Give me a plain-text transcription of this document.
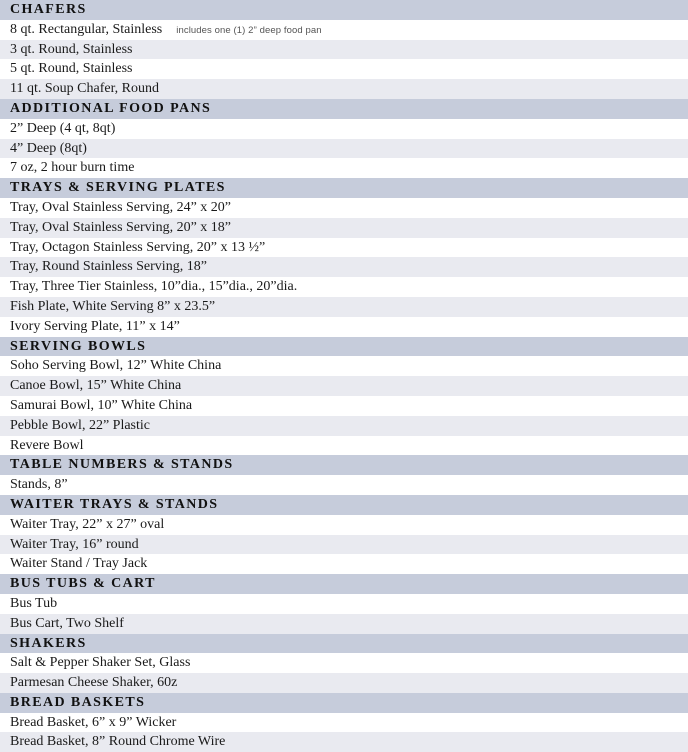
CHAFERS
8 qt. Rectangular, Stainless includes one (1) 2” deep food pan
3 qt. Round, Stainless
5 qt. Round, Stainless
11 qt. Soup Chafer, Round
ADDITIONAL FOOD PANS
2” Deep (4 qt, 8qt)
4” Deep (8qt)
7 oz, 2 hour burn time
TRAYS & SERVING PLATES
Tray, Oval Stainless Serving, 24” x 20”
Tray, Oval Stainless Serving, 20” x 18”
Tray, Octagon Stainless Serving, 20” x 13 ½”
Tray, Round Stainless Serving, 18”
Tray, Three Tier Stainless, 10”dia., 15”dia., 20”dia.
Fish Plate, White Serving 8” x 23.5”
Ivory Serving Plate, 11” x 14”
SERVING BOWLS
Soho Serving Bowl, 12” White China
Canoe Bowl, 15” White China
Samurai Bowl, 10” White China
Pebble Bowl, 22” Plastic
Revere Bowl
TABLE NUMBERS & STANDS
Stands, 8”
WAITER TRAYS & STANDS
Waiter Tray, 22” x 27” oval
Waiter Tray, 16” round
Waiter Stand / Tray Jack
BUS TUBS & CART
Bus Tub
Bus Cart, Two Shelf
SHAKERS
Salt & Pepper Shaker Set, Glass
Parmesan Cheese Shaker, 60z
BREAD BASKETS
Bread Basket, 6” x 9” Wicker
Bread Basket, 8” Round Chrome Wire
